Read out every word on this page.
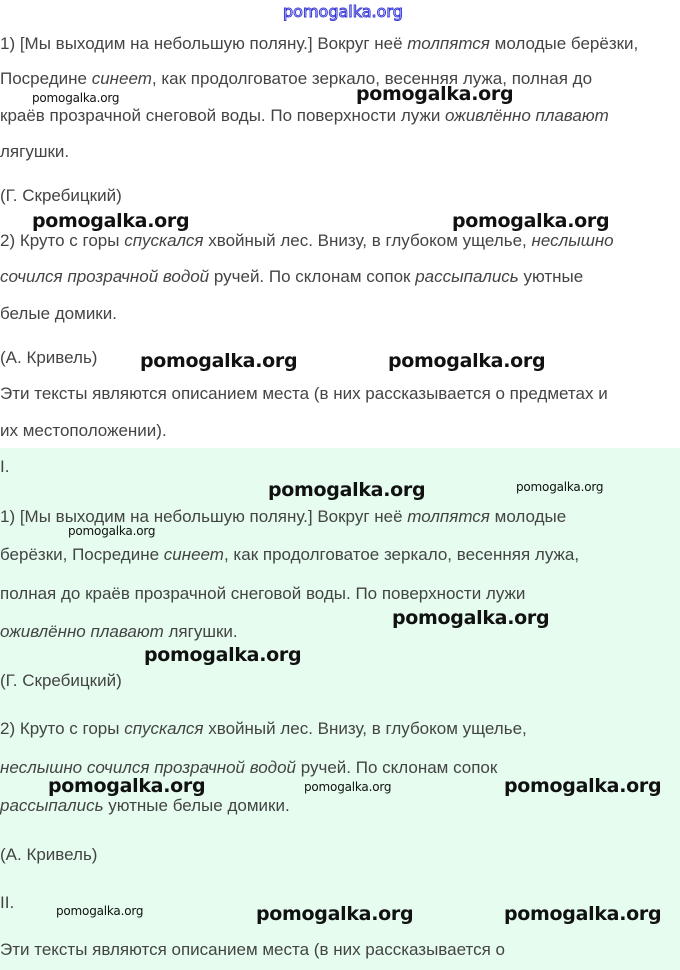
pomogalka.org

1) [Мы выходим на небольшую поляну.] Вокруг неё толпятся молодые берёзки,

Посредине синеет, как продолговатое зеркало, весенняя лужа, полная до

краёв прозрачной снеговой воды. По поверхности лужи оживлённо плавают

лягушки.

(Г. Скребицкий)

2) Круто с горы спускался хвойный лес. Внизу, в глубоком ущелье, неслышно

сочился прозрачной водой ручей. По склонам сопок рассыпались уютные

белые домики.

(А. Кривель)

Эти тексты являются описанием места (в них рассказывается о предметах и

их местоположении).

I.

1) [Мы выходим на небольшую поляну.] Вокруг неё толпятся молодые

берёзки, Посредине синеет, как продолговатое зеркало, весенняя лужа,

полная до краёв прозрачной снеговой воды. По поверхности лужи

оживлённо плавают лягушки.

(Г. Скребицкий)

2) Круто с горы спускался хвойный лес. Внизу, в глубоком ущелье,

неслышно сочился прозрачной водой ручей. По склонам сопок

рассыпались уютные белые домики.

(А. Кривель)

II.

Эти тексты являются описанием места (в них рассказывается о

pomogalka.org	pomogalka.org

pomogalka.org	pomogalka.org

pomogalka.org	pomogalka.org

pomogalka.org	pomogalka.org

pomogalka.org

pomogalka.org

pomogalka.org

pomogalka.org	pomogalka.org	pomogalka.org

pomogalka.org	pomogalka.org	pomogalka.org
